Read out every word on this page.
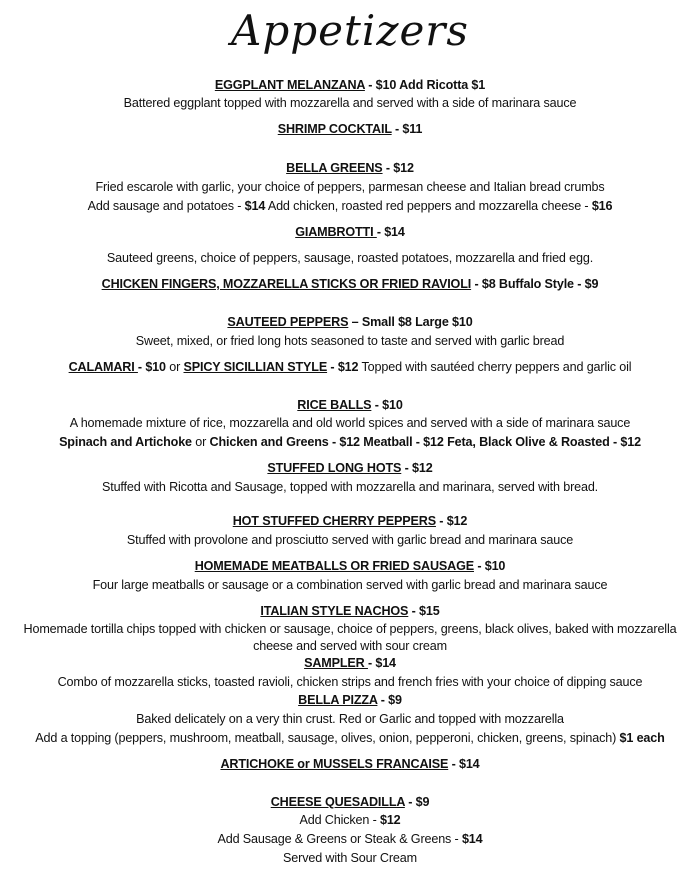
Appetizers
EGGPLANT MELANZANA - $10 Add Ricotta $1
Battered eggplant topped with mozzarella and served with a side of marinara sauce
SHRIMP COCKTAIL - $11
BELLA GREENS - $12
Fried escarole with garlic, your choice of peppers, parmesan cheese and Italian bread crumbs
Add sausage and potatoes - $14 Add chicken, roasted red peppers and mozzarella cheese - $16
GIAMBROTTI - $14
Sauteed greens, choice of peppers, sausage, roasted potatoes, mozzarella and fried egg.
CHICKEN FINGERS, MOZZARELLA STICKS OR FRIED RAVIOLI - $8 Buffalo Style - $9
SAUTEED PEPPERS – Small $8 Large $10
Sweet, mixed, or fried long hots seasoned to taste and served with garlic bread
CALAMARI - $10 or SPICY SICILLIAN STYLE - $12 Topped with sautéed cherry peppers and garlic oil
RICE BALLS - $10
A homemade mixture of rice, mozzarella and old world spices and served with a side of marinara sauce
Spinach and Artichoke or Chicken and Greens - $12 Meatball - $12 Feta, Black Olive & Roasted - $12
STUFFED LONG HOTS - $12
Stuffed with Ricotta and Sausage, topped with mozzarella and marinara, served with bread.
HOT STUFFED CHERRY PEPPERS - $12
Stuffed with provolone and prosciutto served with garlic bread and marinara sauce
HOMEMADE MEATBALLS OR FRIED SAUSAGE - $10
Four large meatballs or sausage or a combination served with garlic bread and marinara sauce
ITALIAN STYLE NACHOS - $15
Homemade tortilla chips topped with chicken or sausage, choice of peppers, greens, black olives, baked with mozzarella
cheese and served with sour cream
SAMPLER - $14
Combo of mozzarella sticks, toasted ravioli, chicken strips and french fries with your choice of dipping sauce
BELLA PIZZA - $9
Baked delicately on a very thin crust. Red or Garlic and topped with mozzarella
Add a topping (peppers, mushroom, meatball, sausage, olives, onion, pepperoni, chicken, greens, spinach) $1 each
ARTICHOKE or MUSSELS FRANCAISE - $14
CHEESE QUESADILLA - $9
Add Chicken - $12
Add Sausage & Greens or Steak & Greens - $14
Served with Sour Cream
